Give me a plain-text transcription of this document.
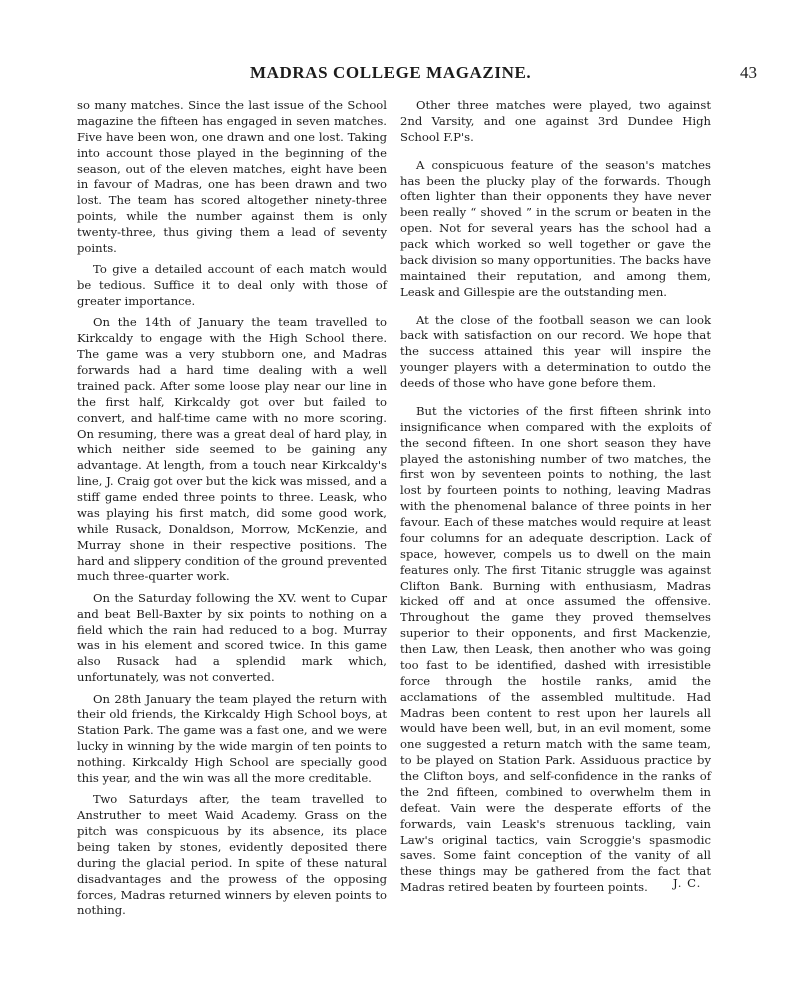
MADRAS COLLEGE MAGAZINE.	43

so many matches. Since the last issue of the School magazine the fifteen has engaged in seven matches. Five have been won, one drawn and one lost. Taking into account those played in the beginning of the season, out of the eleven matches, eight have been in favour of Madras, one has been drawn and two lost. The team has scored altogether ninety-three points, while the number against them is only twenty-three, thus giving them a lead of seventy points.

To give a detailed account of each match would be tedious. Suffice it to deal only with those of greater importance.

On the 14th of January the team travelled to Kirkcaldy to engage with the High School there. The game was a very stubborn one, and Madras forwards had a hard time dealing with a well trained pack. After some loose play near our line in the first half, Kirkcaldy got over but failed to convert, and half-time came with no more scoring. On resuming, there was a great deal of hard play, in which neither side seemed to be gaining any advantage. At length, from a touch near Kirkcaldy's line, J. Craig got over but the kick was missed, and a stiff game ended three points to three. Leask, who was playing his first match, did some good work, while Rusack, Donaldson, Morrow, McKenzie, and Murray shone in their respective positions. The hard and slippery condition of the ground prevented much three-quarter work.

On the Saturday following the XV. went to Cupar and beat Bell-Baxter by six points to nothing on a field which the rain had reduced to a bog. Murray was in his element and scored twice. In this game also Rusack had a splendid mark which, unfortunately, was not converted.

On 28th January the team played the return with their old friends, the Kirkcaldy High School boys, at Station Park. The game was a fast one, and we were lucky in winning by the wide margin of ten points to nothing. Kirkcaldy High School are specially good this year, and the win was all the more creditable.

Two Saturdays after, the team travelled to Anstruther to meet Waid Academy. Grass on the pitch was conspicuous by its absence, its place being taken by stones, evidently deposited there during the glacial period. In spite of these natural disadvantages and the prowess of the opposing forces, Madras returned winners by eleven points to nothing.

Other three matches were played, two against 2nd Varsity, and one against 3rd Dundee High School F.P's.

A conspicuous feature of the season's matches has been the plucky play of the forwards. Though often lighter than their opponents they have never been really “ shoved ” in the scrum or beaten in the open. Not for several years has the school had a pack which worked so well together or gave the back division so many opportunities. The backs have maintained their reputation, and among them, Leask and Gillespie are the outstanding men.

At the close of the football season we can look back with satisfaction on our record. We hope that the success attained this year will inspire the younger players with a determination to outdo the deeds of those who have gone before them.

But the victories of the first fifteen shrink into insignificance when compared with the exploits of the second fifteen. In one short season they have played the astonishing number of two matches, the first won by seventeen points to nothing, the last lost by fourteen points to nothing, leaving Madras with the phenomenal balance of three points in her favour. Each of these matches would require at least four columns for an adequate description. Lack of space, however, compels us to dwell on the main features only. The first Titanic struggle was against Clifton Bank. Burning with enthusiasm, Madras kicked off and at once assumed the offensive. Throughout the game they proved themselves superior to their opponents, and first Mackenzie, then Law, then Leask, then another who was going too fast to be identified, dashed with irresistible force through the hostile ranks, amid the acclamations of the assembled multitude. Had Madras been content to rest upon her laurels all would have been well, but, in an evil moment, some one suggested a return match with the same team, to be played on Station Park. Assiduous practice by the Clifton boys, and self-confidence in the ranks of the 2nd fifteen, combined to overwhelm them in defeat. Vain were the desperate efforts of the forwards, vain Leask's strenuous tackling, vain Law's original tactics, vain Scroggie's spasmodic saves. Some faint conception of the vanity of all these things may be gathered from the fact that Madras retired beaten by fourteen points.	J. C.
